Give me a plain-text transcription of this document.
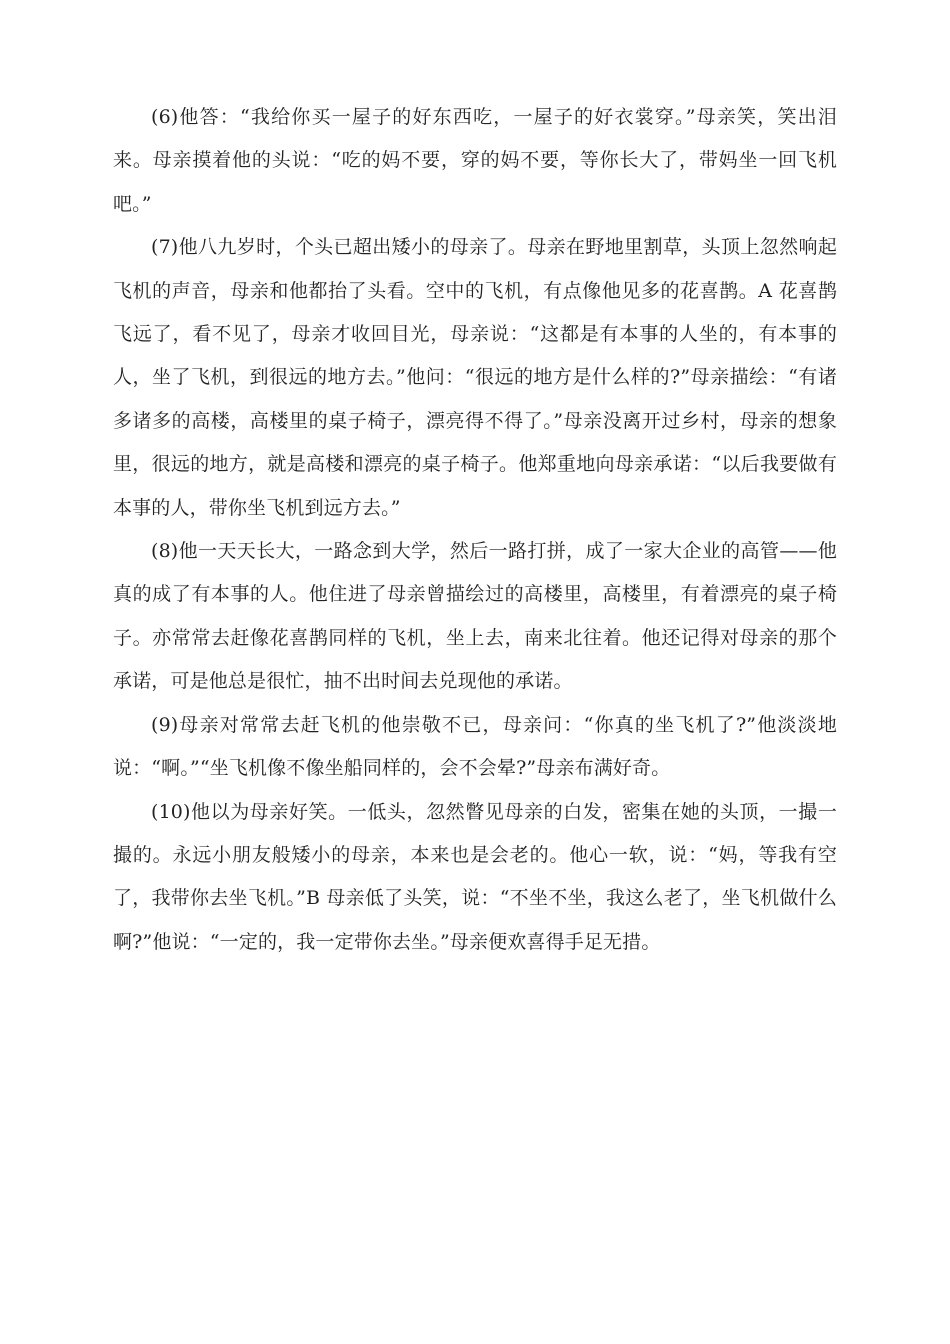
(6)他答：“我给你买一屋子的好东西吃，一屋子的好衣裳穿。”母亲笑，笑出泪来。母亲摸着他的头说：“吃的妈不要，穿的妈不要，等你长大了，带妈坐一回飞机吧。”

(7)他八九岁时，个头已超出矮小的母亲了。母亲在野地里割草，头顶上忽然响起飞机的声音，母亲和他都抬了头看。空中的飞机，有点像他见多的花喜鹊。A 花喜鹊飞远了，看不见了，母亲才收回目光，母亲说：“这都是有本事的人坐的，有本事的人，坐了飞机，到很远的地方去。”他问：“很远的地方是什么样的?”母亲描绘：“有诸多诸多的高楼，高楼里的桌子椅子，漂亮得不得了。”母亲没离开过乡村，母亲的想象里，很远的地方，就是高楼和漂亮的桌子椅子。他郑重地向母亲承诺：“以后我要做有本事的人，带你坐飞机到远方去。”

(8)他一天天长大，一路念到大学，然后一路打拼，成了一家大企业的高管——他真的成了有本事的人。他住进了母亲曾描绘过的高楼里，高楼里，有着漂亮的桌子椅子。亦常常去赶像花喜鹊同样的飞机，坐上去，南来北往着。他还记得对母亲的那个承诺，可是他总是很忙，抽不出时间去兑现他的承诺。

(9)母亲对常常去赶飞机的他崇敬不已，母亲问：“你真的坐飞机了?”他淡淡地说：“啊。”“坐飞机像不像坐船同样的，会不会晕?”母亲布满好奇。

(10)他以为母亲好笑。一低头，忽然瞥见母亲的白发，密集在她的头顶，一撮一撮的。永远小朋友般矮小的母亲，本来也是会老的。他心一软，说：“妈，等我有空了，我带你去坐飞机。”B 母亲低了头笑，说：“不坐不坐，我这么老了，坐飞机做什么啊?”他说：“一定的，我一定带你去坐。”母亲便欢喜得手足无措。
